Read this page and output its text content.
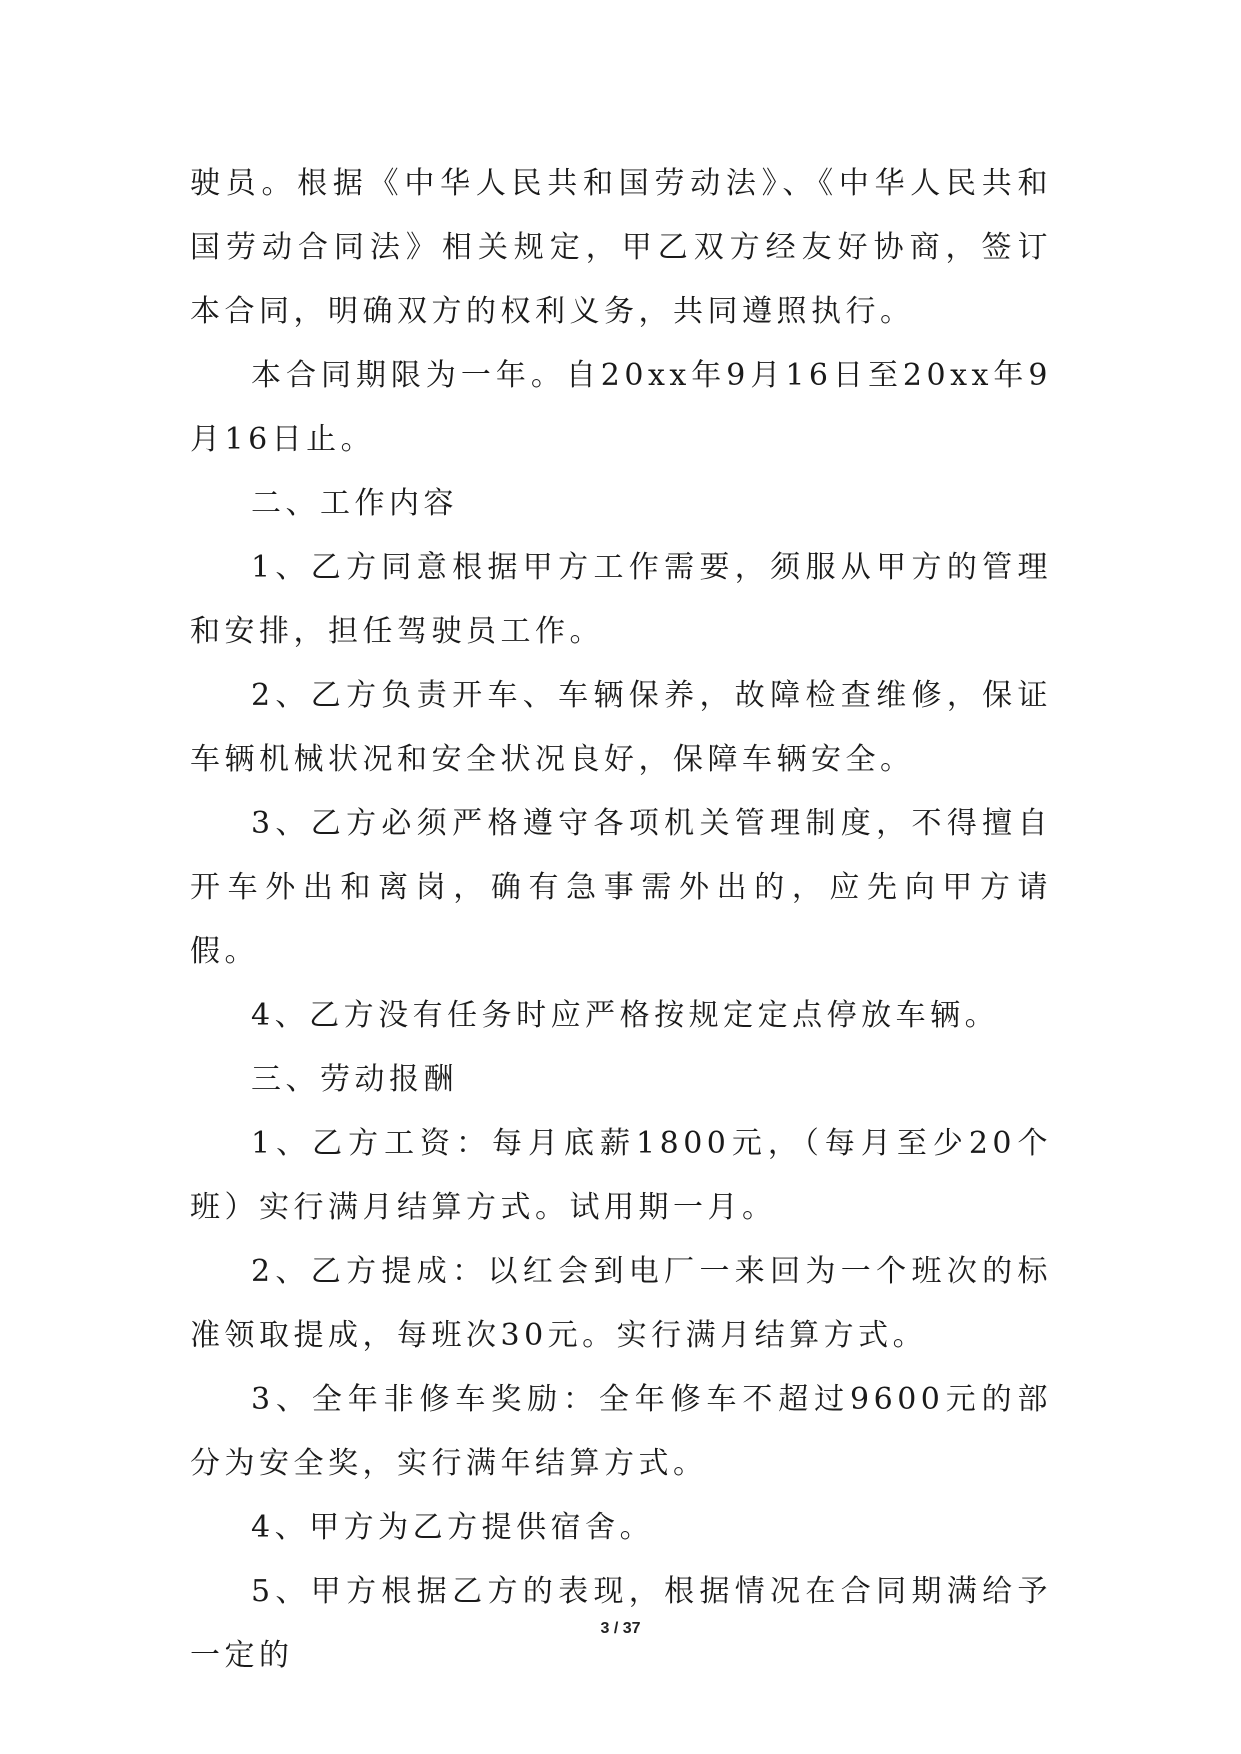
驶员。根据《中华人民共和国劳动法》、《中华人民共和国劳动合同法》相关规定，甲乙双方经友好协商，签订本合同，明确双方的权利义务，共同遵照执行。

本合同期限为一年。自20xx年9月16日至20xx年9月16日止。

二、工作内容

1、乙方同意根据甲方工作需要，须服从甲方的管理和安排，担任驾驶员工作。

2、乙方负责开车、车辆保养，故障检查维修，保证车辆机械状况和安全状况良好，保障车辆安全。

3、乙方必须严格遵守各项机关管理制度，不得擅自开车外出和离岗，确有急事需外出的，应先向甲方请假。

4、乙方没有任务时应严格按规定定点停放车辆。

三、劳动报酬

1、乙方工资：每月底薪1800元，（每月至少20个班）实行满月结算方式。试用期一月。

2、乙方提成：以红会到电厂一来回为一个班次的标准领取提成，每班次30元。实行满月结算方式。

3、全年非修车奖励：全年修车不超过9600元的部分为安全奖，实行满年结算方式。

4、甲方为乙方提供宿舍。

5、甲方根据乙方的表现，根据情况在合同期满给予一定的

3 / 37
